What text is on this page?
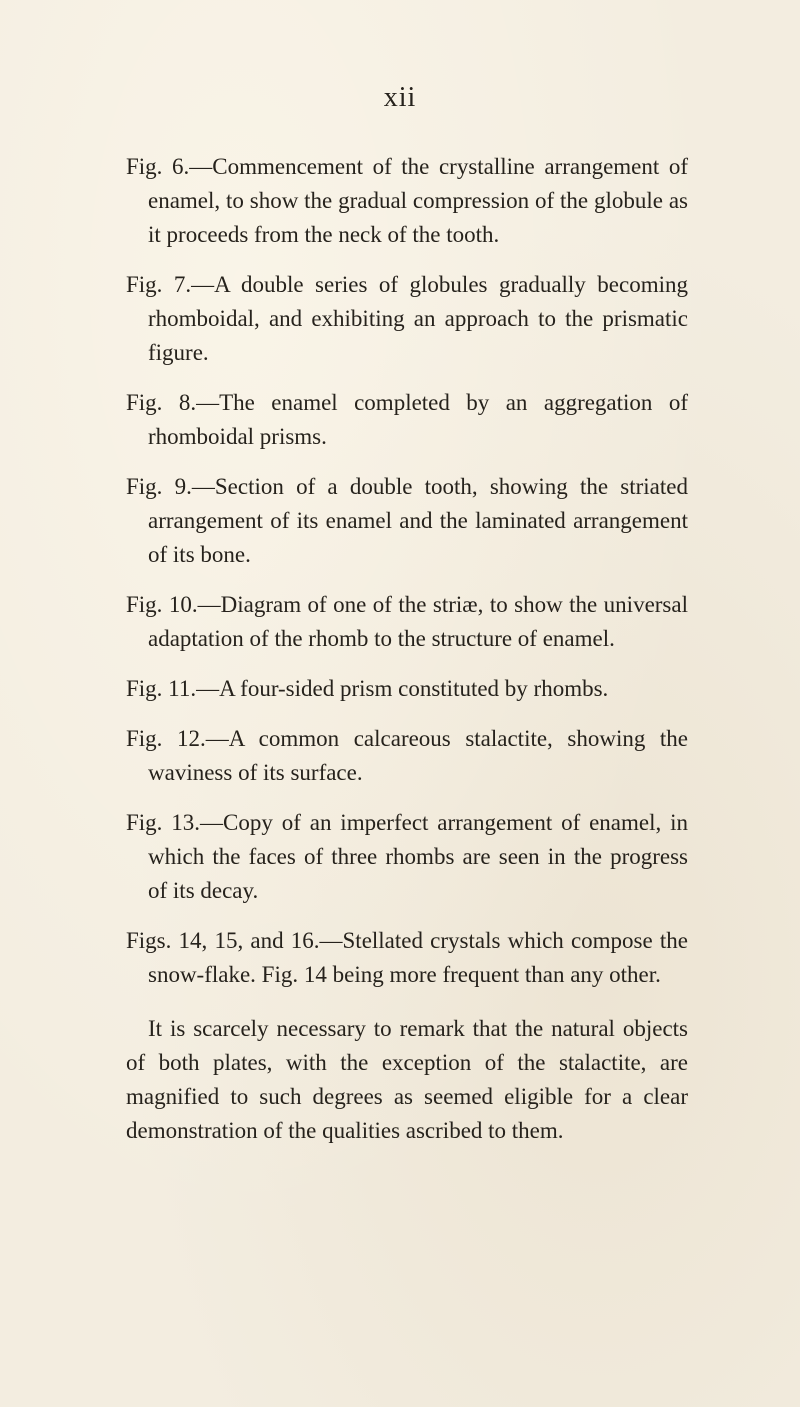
xii
Fig. 6.—Commencement of the crystalline arrangement of enamel, to show the gradual compression of the globule as it proceeds from the neck of the tooth.
Fig. 7.—A double series of globules gradually becoming rhomboidal, and exhibiting an approach to the prismatic figure.
Fig. 8.—The enamel completed by an aggregation of rhomboidal prisms.
Fig. 9.—Section of a double tooth, showing the striated arrangement of its enamel and the laminated arrangement of its bone.
Fig. 10.—Diagram of one of the striæ, to show the universal adaptation of the rhomb to the structure of enamel.
Fig. 11.—A four-sided prism constituted by rhombs.
Fig. 12.—A common calcareous stalactite, showing the waviness of its surface.
Fig. 13.—Copy of an imperfect arrangement of enamel, in which the faces of three rhombs are seen in the progress of its decay.
Figs. 14, 15, and 16.—Stellated crystals which compose the snow-flake. Fig. 14 being more frequent than any other.

It is scarcely necessary to remark that the natural objects of both plates, with the exception of the stalactite, are magnified to such degrees as seemed eligible for a clear demonstration of the qualities ascribed to them.
